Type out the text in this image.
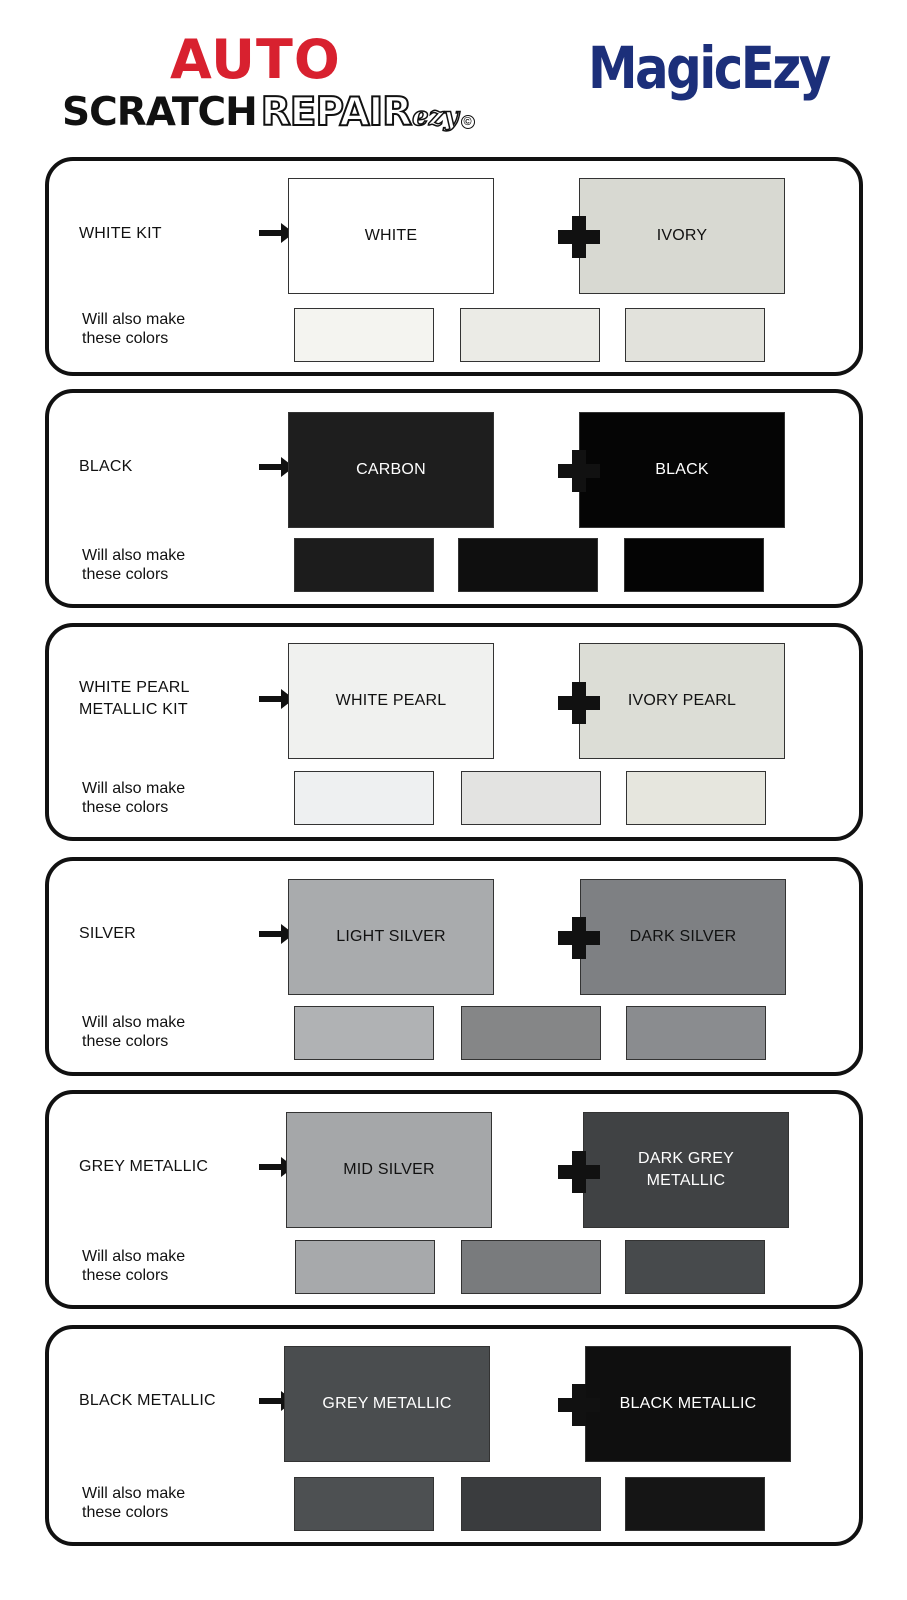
AUTO
SCRATCH REPAIR ezy ©
MagicEzy
WHITE KIT	WHITE	IVORY
Will also make
these colors
BLACK	CARBON	BLACK
Will also make
these colors
WHITE PEARL
METALLIC KIT
WHITE PEARL	IVORY PEARL
Will also make
these colors
SILVER	LIGHT SILVER	DARK SILVER
Will also make
these colors
GREY METALLIC	MID SILVER
DARK GREY
METALLIC
Will also make
these colors
BLACK METALLIC	GREY METALLIC	BLACK METALLIC
Will also make
these colors
